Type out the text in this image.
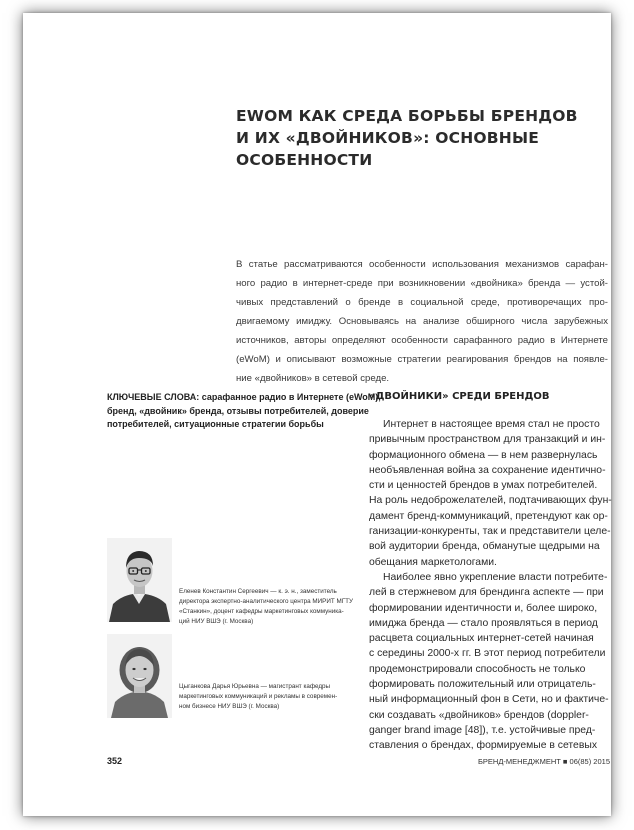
EWOM КАК СРЕДА БОРЬБЫ БРЕНДОВ
И ИХ «ДВОЙНИКОВ»: ОСНОВНЫЕ
ОСОБЕННОСТИ
В статье рассматриваются особенности использования механизмов сарафан-
ного радио в интернет-среде при возникновении «двойника» бренда — устой-
чивых представлений о бренде в социальной среде, противоречащих про-
двигаемому имиджу. Основываясь на анализе обширного числа зарубежных
источников, авторы определяют особенности сарафанного радио в Интернете
(eWoM) и описывают возможные стратегии реагирования брендов на появле-
ние «двойников» в сетевой среде.
КЛЮЧЕВЫЕ СЛОВА: сарафанное радио в Интернете (eWoM),
бренд, «двойник» бренда, отзывы потребителей, доверие
потребителей, ситуационные стратегии борьбы
«ДВОЙНИКИ» СРЕДИ БРЕНДОВ
Интернет в настоящее время стал не просто
привычным пространством для транзакций и ин-
формационного обмена — в нем развернулась
необъявленная война за сохранение идентично-
сти и ценностей брендов в умах потребителей.
На роль недоброжелателей, подтачивающих фун-
дамент бренд-коммуникаций, претендуют как ор-
ганизации-конкуренты, так и представители целе-
вой аудитории бренда, обманутые щедрыми на
обещания маркетологами.
Наиболее явно укрепление власти потребите-
лей в стержневом для брендинга аспекте — при
формировании идентичности и, более широко,
имиджа бренда — стало проявляться в период
расцвета социальных интернет-сетей начиная
с середины 2000-х гг. В этот период потребители
продемонстрировали способность не только
формировать положительный или отрицатель-
ный информационный фон в Сети, но и фактиче-
ски создавать «двойников» брендов (doppler-
ganger brand image [48]), т.е. устойчивые пред-
ставления о брендах, формируемые в сетевых
Еленев Константин Сергеевич — к. э. н., заместитель
директора экспертно-аналитического центра МИРИТ МГТУ
«Станкин», доцент кафедры маркетинговых коммуника-
ций НИУ ВШЭ (г. Москва)
Цыганкова Дарья Юрьевна — магистрант кафедры
маркетинговых коммуникаций и рекламы в современ-
ном бизнесе НИУ ВШЭ (г. Москва)
352	БРЕНД-МЕНЕДЖМЕНТ ■ 06(85) 2015
